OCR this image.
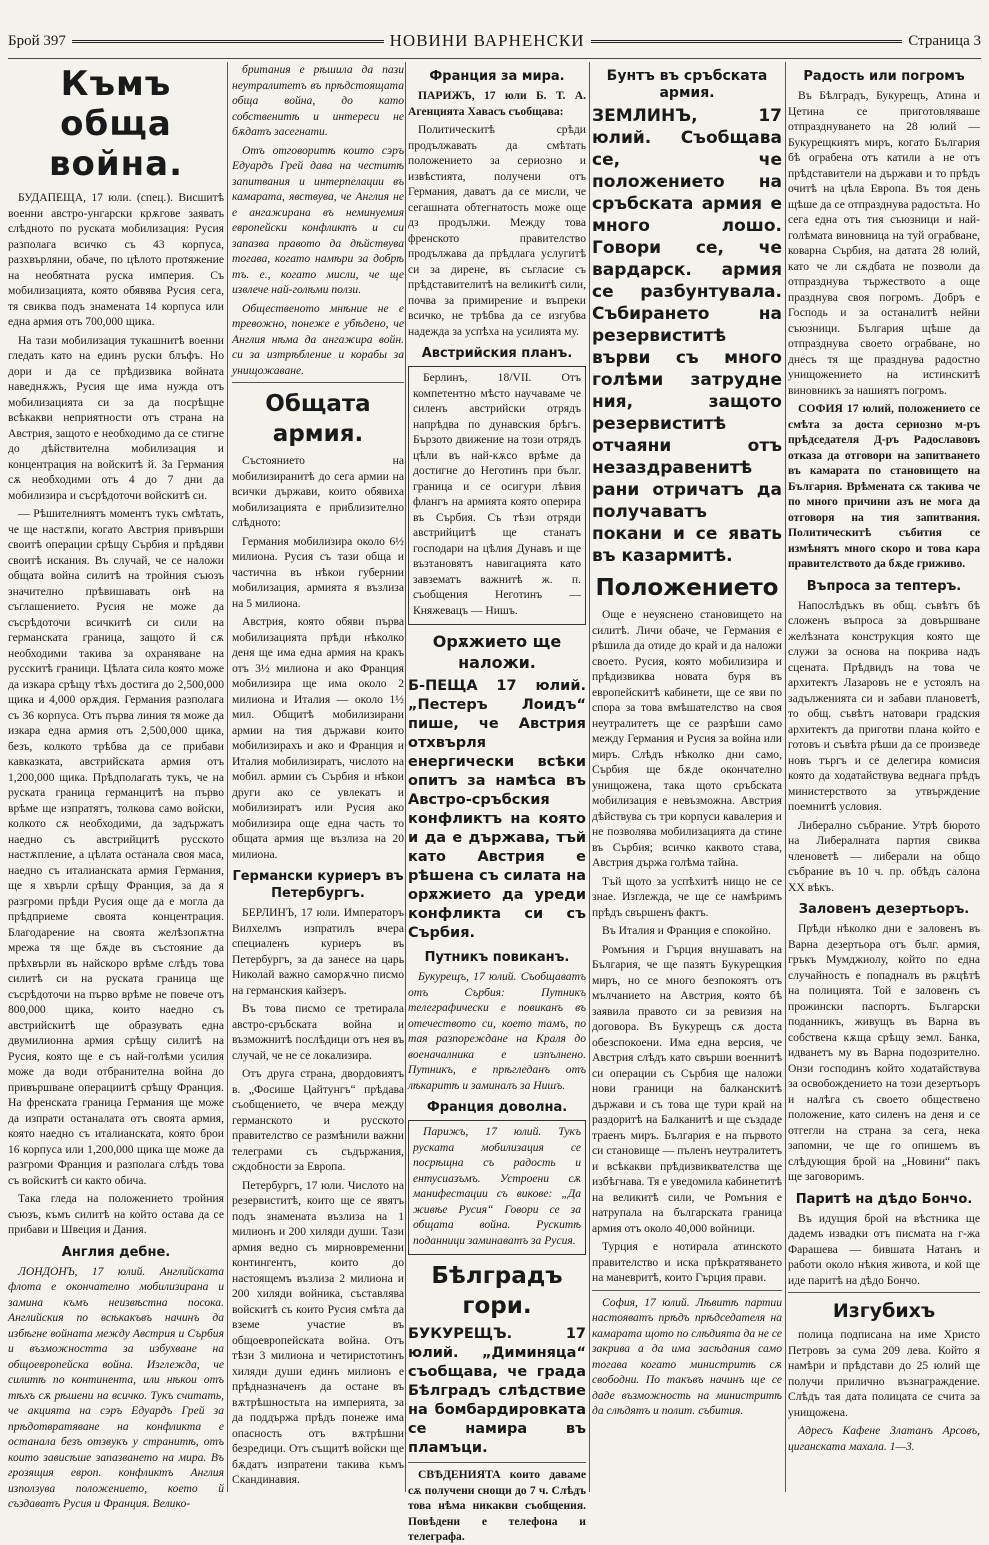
Брой 397	НОВИНИ ВАРНЕНСКИ	Страница 3
Къмъ обща война.

БУДАПЕЩА, 17 юли. (спец.). Висшитѣ военни австро-унгарски крѫгове заявать слѣдното по руската мобилизация: Русия разполага всичко съ 43 корпуса, разхвърляни, обаче, по цѣлото протяжение на необятната руска империя. Съ мобилизацията, която обявява Русия сега, тя свиква подъ знамената 14 корпуса или една армия отъ 700,000 щика.

На тази мобилизация тукашнитѣ военни гледать като на единъ руски блъфъ. Но дори и да се прѣдизвика войната наведнѫжъ, Русия ще има нужда отъ мобилизацията си за да посрѣщне всѣкакви неприятности отъ страна на Австрия, защото е необходимо да се стигне до дѣйствителна мобилизация и концентрация на войскитѣ й. За Германия сѫ необходими отъ 4 до 7 дни да мобилизира и съсрѣдоточи войскитѣ си.

— Рѣшителниятъ моментъ тукъ смѣтать, че ще настѫпи, когато Австрия привърши своитѣ операции срѣщу Сърбия и прѣдяви своитѣ искания. Въ случай, че се наложи общата война силитѣ на тройния съюзъ значително прѣвишавать онѣ на съглашението. Русия не може да съсрѣдоточи всичкитѣ си сили на германската граница, защото й сѫ необходими такива за охраняване на русскитѣ граници. Цѣлата сила която може да изкара срѣщу тѣхъ достига до 2,500,000 щика и 4,000 орѫдия. Германия разполага съ 36 корпуса. Отъ първа линия тя може да изкара една армия отъ 2,500,000 щика, безъ, колкото трѣбва да се прибави кавказката, австрийската армия отъ 1,200,000 щика. Прѣдполагать тукъ, че на руската граница германцитѣ на първо врѣме ще изпратятъ, толкова само войски, колкото сѫ необходими, да задържатъ наедно съ австрийцитѣ русското настѫпление, а цѣлата останала своя маса, наедно съ италианската армия Германия, ще я хвърли срѣщу Франция, за да я разгроми прѣди Русия още да е могла да прѣдприеме своята концентрация. Благодарение на своята желѣзопѫтна мрежа тя ще бѫде въ състояние да прѣхвърли въ найскоро врѣме слѣдъ това силитѣ си на руската граница ще съсрѣдоточи на първо врѣме не повече отъ 800,000 щика, които наедно съ австрийскитѣ ще образувать една двумилионна армия срѣщу силитѣ на Русия, която ще е съ най-голѣми усилия може да води отбранителна война до привършване операциитѣ срѣщу Франция. На френската граница Германия ще може да изпрати останалата отъ своята армия, която наедно съ италианската, която брои 16 корпуса или 1,200,000 щика ще може да разгроми Франция и разполага слѣдъ това съ войскитѣ си както обича.

Така гледа на положението тройния съюзъ, къмъ силитѣ на който остава да се прибави и Швеция и Дания.

Англия дебне.

ЛОНДОНЪ, 17 юлий. Английската флота е окончателно мобилизирана и замина къмъ неизвѣстна посока. Английския по всѣкакъвъ начинъ да избѣгне войната между Австрия и Сърбия и възможността за избухване на общоевропейска война. Изглежда, че силитѣ по континента, или нѣкои отъ тѣхъ сѫ рѣшени на всичко. Тукъ считать, че акцията на сэръ Едуардъ Грей за прѣдотвратяване на конфликта е останала безъ отзвукъ у странитѣ, отъ които зависѣше запазването на мира. Въ грозящия европ. конфликтъ Англия използува положението, което й създаватъ Русия и Франция. Велико-

британия е рѣшила да пази неутралитетъ въ прѣдстоящата обща война, до като собственитѣ и интереси не бѫдатъ засегнати.

Отъ отговоритѣ които сэръ Едуардъ Грей дава на честитѣ запитвания и интерпелации въ камарата, явствува, че Англия не е ангажирана въ неминуемия европейски конфликтъ и си запазва правото да дѣйствува тогава, когато намѣри за добрѣ тъ. е., когато мисли, че ще извлече най-голѣми ползи.

Общественото мнѣние не е тревожно, понеже е убѣдено, че Англия нѣма да ангажира войн. си за изтрѣбление и корабы за унищожаване.

Общата армия.

Състоянието на мобилизиранитѣ до сега армии на всички държави, които обявиха мобилизацията е приблизително слѣдното:

Германия мобилизира около 6½ милиона. Русия съ тази обща и частична въ нѣкои губернии мобилизация, армията я възлиза на 5 милиона.

Австрия, която обяви първа мобилизацията прѣди нѣколко деня ще има една армия на кракъ отъ 3½ милиона и ако Франция мобилизира ще има около 2 милиона и Италия — около 1½ мил. Общитѣ мобилизирани армии на тия държави които мобилизирахъ и ако и Франция и Италия мобилизиратъ, числото на мобил. армии съ Сърбия и нѣкои други ако се увлекатъ и мобилизиратъ или Русия ако мобилизира още една часть то общата армия ще възлиза на 20 милиона.

Германски куриеръ въ Петербургъ.

БЕРЛИНЪ, 17 юли. Императоръ Вилхелмъ изпратилъ вчера специаленъ куриеръ въ Петербургъ, за да занесе на царь Николай важно саморѫчно писмо на германския кайзеръ.

Въ това писмо се третирала австро-сръбската война и възможнитѣ послѣдици отъ нея въ случай, че не се локализира.

Отъ друга страна, двордовиятъ в. „Фосише Цайтунгъ“ прѣдава съобщението, че вчера между германското и русското правителство се размѣнили важни телеграми съ съдържания, сждобности за Европа.

Петербургъ, 17 юли. Числото на резервиститѣ, които ще се явятъ подъ знамената възлиза на 1 милионъ и 200 хиляди души. Тази армия ведно съ мирновременни контингентъ, които до настоящемъ възлиза 2 милиона и 200 хиляди войника, съставлява войскитѣ съ които Русия смѣта да вземе участие въ общоевропейската война. Отъ тѣзи 3 милиона и четиристотинъ хиляди души единъ милионъ е прѣдназначенъ да остане въ вѫтрѣшностьта на империята, за да поддържа прѣдъ понеже има опасность отъ вѫтрѣшни безредици. Отъ същитѣ войски ще бѫдатъ изпратени такива къмъ Скандинавия.

Франция за мира.

ПАРИЖЪ, 17 юли Б. Т. А. Агенцията Хавасъ съобщава:

Политическитѣ срѣди продължавать да смѣтать положението за сериозно и извѣстията, получени отъ Германия, даватъ да се мисли, че сегашната обтегнатость може още дз продължи. Между това френското правителство продължава да прѣдлага услугитѣ си за дирене, въ съгласие съ прѣдставителитѣ на великитѣ сили, почва за примирение и въпреки всичко, не трѣбва да се изгубва надежда за успѣха на усилията му.

Австрийския планъ.

Берлинъ, 18/VII. Отъ компетентно мѣсто научаваме че силенъ австрийски отрядъ напрѣдва по дунавския брѣгъ. Бързото движение на този отрядъ цѣли въ най-кѫсо врѣме да достигне до Неготинъ при бълг. граница и се осигури лѣвия флангъ на армията която оперира въ Сърбия. Съ тѣзи отряди австрийцитѣ ще станатъ господари на цѣлия Дунавъ и ще възтановятъ навигацията като завзематъ важнитѣ ж. п. съобщения Неготинъ — Княжевацъ — Нишъ.

Орѫжието ще наложи.
Б-ПЕЩА 17 юлий. „Пестеръ Лоидъ“ пише, че Австрия отхвърля енергически всѣки опитъ за намѣса въ Австро-сръбския конфликтъ на която и да е държава, тъй като Австрия е рѣшена съ силата на орѫжието да уреди конфликта си съ Сърбия.
Путникъ повиканъ.

Букурещъ, 17 юлий. Съобщаватъ отъ Сърбия: Путникъ телеграфически е повиканъ въ отечеството си, което тамъ, по тая разпореждане на Краля до военачалника е изпълнено. Путникъ, е прѣгледанъ отъ лѣкаритѣ и заминалъ за Нишъ.

Франция доволна.

Парижъ, 17 юлий. Тукъ руската мобилизация се посрѣщна съ радость и ентусиазъмъ. Устроени сѫ манифестации съ викове: „Да живѣе Русия“ Говори се за общата война. Рускитѣ поданници заминаватъ за Русия.

Бѣлградъ гори.
БУКУРЕЩЪ. 17 юлий. „Диминяца“ съобщава, че града Бѣлградъ слѣдствие на бомбардировката се намира въ пламъци.

СВѢДЕНИЯТА които даваме сѫ получени снощи до 7 ч. Слѣдъ това нѣма никакви съобщения. Повѣдени е телефона и телеграфа.

Бунтъ въ сръбската армия.
ЗЕМЛИНЪ, 17 юлий. Съобщава се, че положението на сръбската армия е много лошо. Говори се, че вардарск. армия се разбунтувала. Събирането на резервиститѣ върви съ много голѣми затрудне ния, защото резервиститѣ отчаяни отъ незаздравенитѣ рани отричатъ да получаватъ покани и се явать въ казармитѣ.
Положението

Още е неуяснено становището на силитѣ. Личи обаче, че Германия е рѣшила да отиде до край и да наложи своето. Русия, която мобилизира и прѣдизвиква новата буря въ европейскитѣ кабинети, ще се яви по спора за това вмѣшателство на своя неутралитетъ ще се разрѣши само между Германия и Русия за война или миръ. Слѣдъ нѣколко дни само, Сърбия ще бѫде окончателно унищожена, така щото сръбската мобилизация е невъзможна. Австрия дѣйствува съ три корпуси кавалерия и не позволява мобилизацията да стине въ Сърбия; всичко каквото става, Австрия държа голѣма тайна.

Тъй щото за успѣхитѣ нищо не се знае. Изглежда, че ще се намѣримъ прѣдъ свършенъ фактъ.

Въ Италия и Франция е спокойно.

Ромъния и Гърция внушаватъ на България, че ще пазятъ Букурещкия миръ, но се много безпокоятъ отъ мълчанието на Австрия, която бѣ заявила правото си за ревизия на договора. Въ Букурещъ сѫ доста обезспокоени. Има една версия, че Австрия слѣдъ като свърши военнитѣ си операции съ Сърбия ще наложи нови граници на балканскитѣ държави и съ това ще тури край на раздоритѣ на Балканитѣ и ще създаде траенъ миръ. България е на първото си становище — пъленъ неутралитетъ и всѣкакви прѣдизвиквателства ще избѣгнава. Тя е уведомила кабинетитѣ на великитѣ сили, че Ромъния е натрупала на българската граница армия отъ около 40,000 войници.

Турция е нотирала атинското правителство и иска прѣкратяването на маневритѣ, които Гърция прави.

София, 17 юлий. Лѣвитѣ партии настояватъ прѣдъ прѣдседателя на камарата щото по слѣдията да не се закрива а да има засѣдания само тогава когато министритѣ сѫ свободни. По такъвъ начинъ ще се даде възможность на министритѣ да слѣдятъ и полит. събития.

Радость или погромъ

Въ Бѣлградъ, Букурещъ, Атина и Цетина се приготовляваше отпразднуването на 28 юлий — Букурещкиятъ миръ, когато България бѣ ограбена отъ катили а не отъ прѣдставители на държави и то прѣдъ очитѣ на цѣла Европа. Въ тоя день щѣше да се отпразднува радостьта. Но сега една отъ тия съюзници и най-голѣмата виновница на туй ограбване, коварна Сърбия, на датата 28 юлий, като че ли сѫдбата не позволи да отпразднува тържеството а още празднува своя погромъ. Добръ е Господь и за останалитѣ нейни съюзници. България щѣше да отпразднува своето ограбване, но днесъ тя ще празднува радостно унищожението на истинскитѣ виновникъ за нашиятъ погромъ.

СОФИЯ 17 юлий, положението се смѣта за доста сериозно м-ръ прѣдседателя Д-ръ Радославовъ отказа да отговори на запитването въ камарата по становището на България. Врѣмената сѫ такива че по много причини азъ не мога да отговоря на тия запитвания. Политическитѣ събития се измѣнятъ много скоро и това кара правителството да бѫде гриживо.

Въпроса за тептеръ.

Напослѣдъкъ въ общ. съвѣтъ бѣ сложенъ въпроса за довършване желѣзната конструкция която ще служи за основа на покрива надъ сцената. Прѣдвидъ на това че архитектъ Лазаровъ не е устоялъ на задълженията си и забави плановетѣ, то общ. съвѣтъ натовари градския архитектъ да приготви плана който е готовъ и съвѣта рѣши да се произведе новъ търгъ и се делегира комисия която да ходатайствува веднага прѣдъ министерството за утвърждение поемнитѣ условия.

Либерално събрание. Утрѣ бюрото на Либералната партия свиква членоветѣ — либерали на общо събрание въ 10 ч. пр. обѣдъ салона ХХ вѣкъ.

Заловенъ дезертьоръ.

Прѣди нѣколко дни е заловенъ въ Варна дезертьора отъ бълг. армия, гръкъ Мумджиолу, който по една случайность е попадналъ въ рѫцѣтѣ на полицията. Той е заловенъ съ прожински паспортъ. Български поданникъ, живущъ въ Варна въ собствена кѫща срѣщу земл. Банка, идванетъ му въ Варна подозрително. Онзи господинъ който ходатайствува за освобождението на този дезертьоръ и налѣга съ своето обществено положение, като силенъ на деня и се отгегли на страна за сега, нека запомни, че ще го опишемъ въ слѣдующия брой на „Новини“ пакъ ще заговоримъ.

Паритѣ на дѣдо Бончо.

Въ идущия брой на вѣстника ще дадемъ извадки отъ писмата на г-жа Фарашева — бившата Натанъ и работи около нѣкия живота, и кой ще иде паритѣ на дѣдо Бончо.

Изгубихъ

полица подписана на име Христо Петровъ за сума 209 лева. Който я намѣри и прѣдстави до 25 юлий ще получи прилично възнаграждение. Слѣдъ тая дата полицата се счита за унищожена.

Адресъ Кафене Златанъ Арсовъ, циганската махала. 1—3.
